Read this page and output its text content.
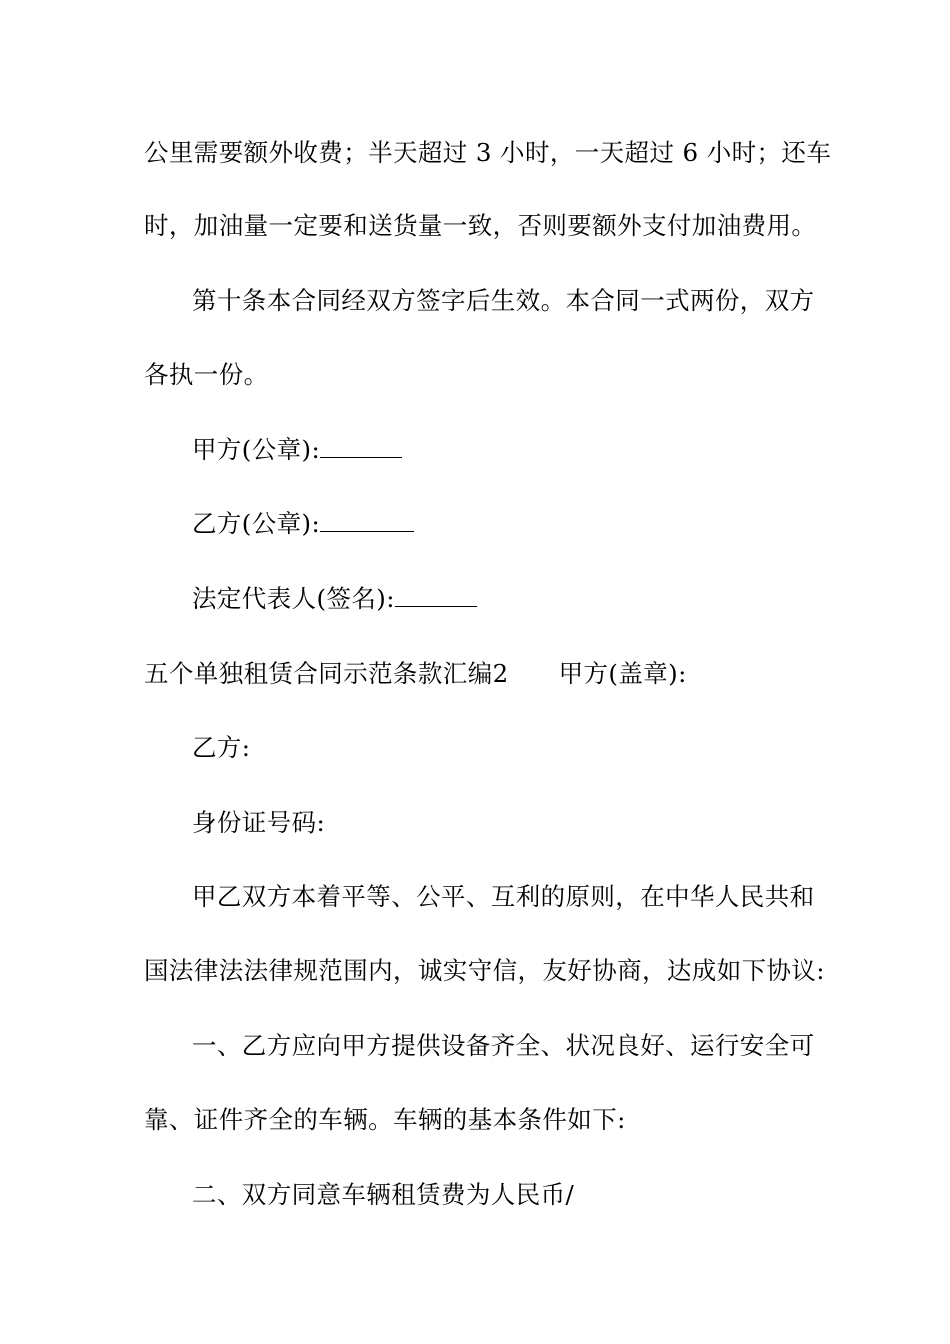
公里需要额外收费；半天超过 3 小时，一天超过 6 小时；还车
时，加油量一定要和送货量一致，否则要额外支付加油费用。
第十条本合同经双方签字后生效。本合同一式两份，双方
各执一份。
甲方(公章):
乙方(公章):
法定代表人(签名):
五个单独租赁合同示范条款汇编2 甲方(盖章):
乙方:
身份证号码:
甲乙双方本着平等、公平、互利的原则，在中华人民共和
国法律法法律规范围内，诚实守信，友好协商，达成如下协议:
一、乙方应向甲方提供设备齐全、状况良好、运行安全可
靠、证件齐全的车辆。车辆的基本条件如下:
二、双方同意车辆租赁费为人民币/
